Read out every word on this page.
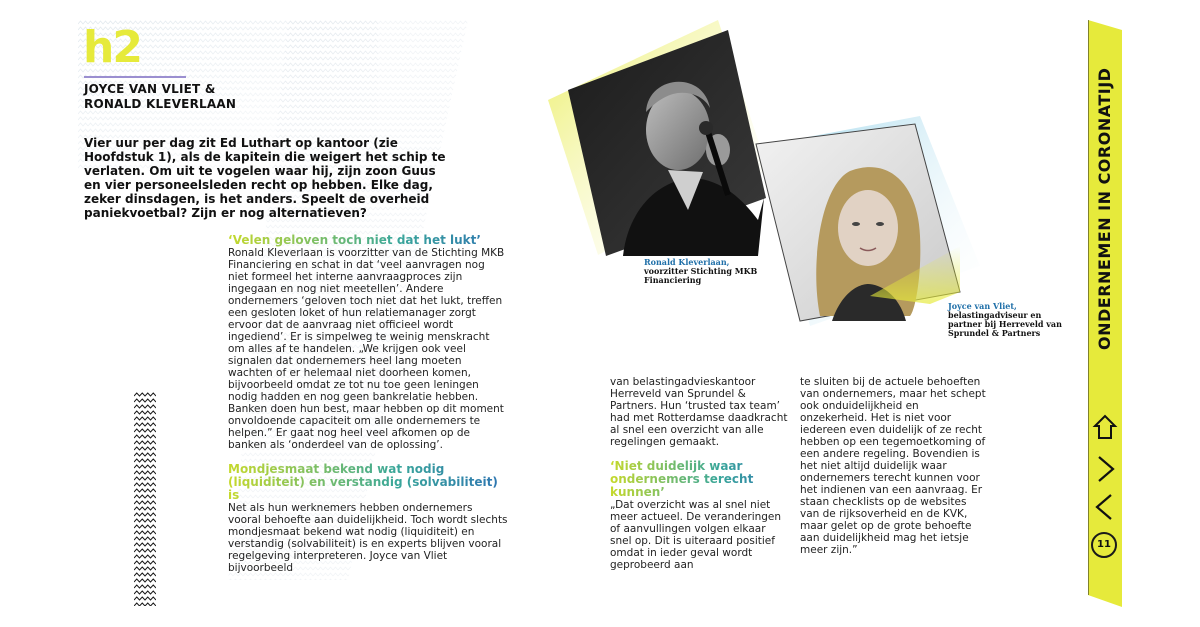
h2
JOYCE VAN VLIET &
RONALD KLEVERLAAN

Vier uur per dag zit Ed Luthart op kantoor (zie Hoofdstuk 1), als de kapitein die weigert het schip te verlaten. Om uit te vogelen waar hij, zijn zoon Guus en vier personeelsleden recht op hebben. Elke dag, zeker dinsdagen, is het anders. Speelt de overheid paniekvoetbal? Zijn er nog alternatieven?

‘Velen geloven toch niet dat het lukt’

Ronald Kleverlaan is voorzitter van de Stichting MKB Financiering en schat in dat ‘veel aanvragen nog niet formeel het interne aanvraagproces zijn ingegaan en nog niet meetellen’. Andere ondernemers ‘geloven toch niet dat het lukt, treffen een gesloten loket of hun relatiemanager zorgt ervoor dat de aanvraag niet officieel wordt ingediend’. Er is simpelweg te weinig menskracht om alles af te handelen. „We krijgen ook veel signalen dat ondernemers heel lang moeten wachten of er helemaal niet doorheen komen, bijvoorbeeld omdat ze tot nu toe geen leningen nodig hadden en nog geen bankrelatie hebben. Banken doen hun best, maar hebben op dit moment onvoldoende capaciteit om alle ondernemers te helpen.” Er gaat nog heel veel afkomen op de banken als ‘onderdeel van de oplossing’.

Mondjesmaat bekend wat nodig (liquiditeit) en verstandig (solvabiliteit) is

Net als hun werknemers hebben ondernemers vooral behoefte aan duidelijkheid. Toch wordt slechts mondjesmaat bekend wat nodig (liquiditeit) en verstandig (solvabiliteit) is en experts blijven vooral regelgeving interpreteren. Joyce van Vliet bijvoorbeeld

van belastingadvieskantoor Herreveld van Sprundel & Partners. Hun ‘trusted tax team’ had met Rotterdamse daadkracht al snel een overzicht van alle regelingen gemaakt.

‘Niet duidelijk waar ondernemers terecht kunnen’

„Dat overzicht was al snel niet meer actueel. De veranderingen of aanvullingen volgen elkaar snel op. Dit is uiteraard positief omdat in ieder geval wordt geprobeerd aan

te sluiten bij de actuele behoeften van ondernemers, maar het schept ook onduidelijkheid en onzekerheid. Het is niet voor iedereen even duidelijk of ze recht hebben op een tegemoetkoming of een andere regeling. Bovendien is het niet altijd duidelijk waar ondernemers terecht kunnen voor het indienen van een aanvraag. Er staan checklists op de websites van de rijksoverheid en de KVK, maar gelet op de grote behoefte aan duidelijkheid mag het ietsje meer zijn.”

Ronald Kleverlaan,
voorzitter Stichting MKB Financiering
Joyce van Vliet,
belastingadviseur en partner bij Herreveld van Sprundel & Partners	ONDERNEMEN IN CORONATIJD
11
